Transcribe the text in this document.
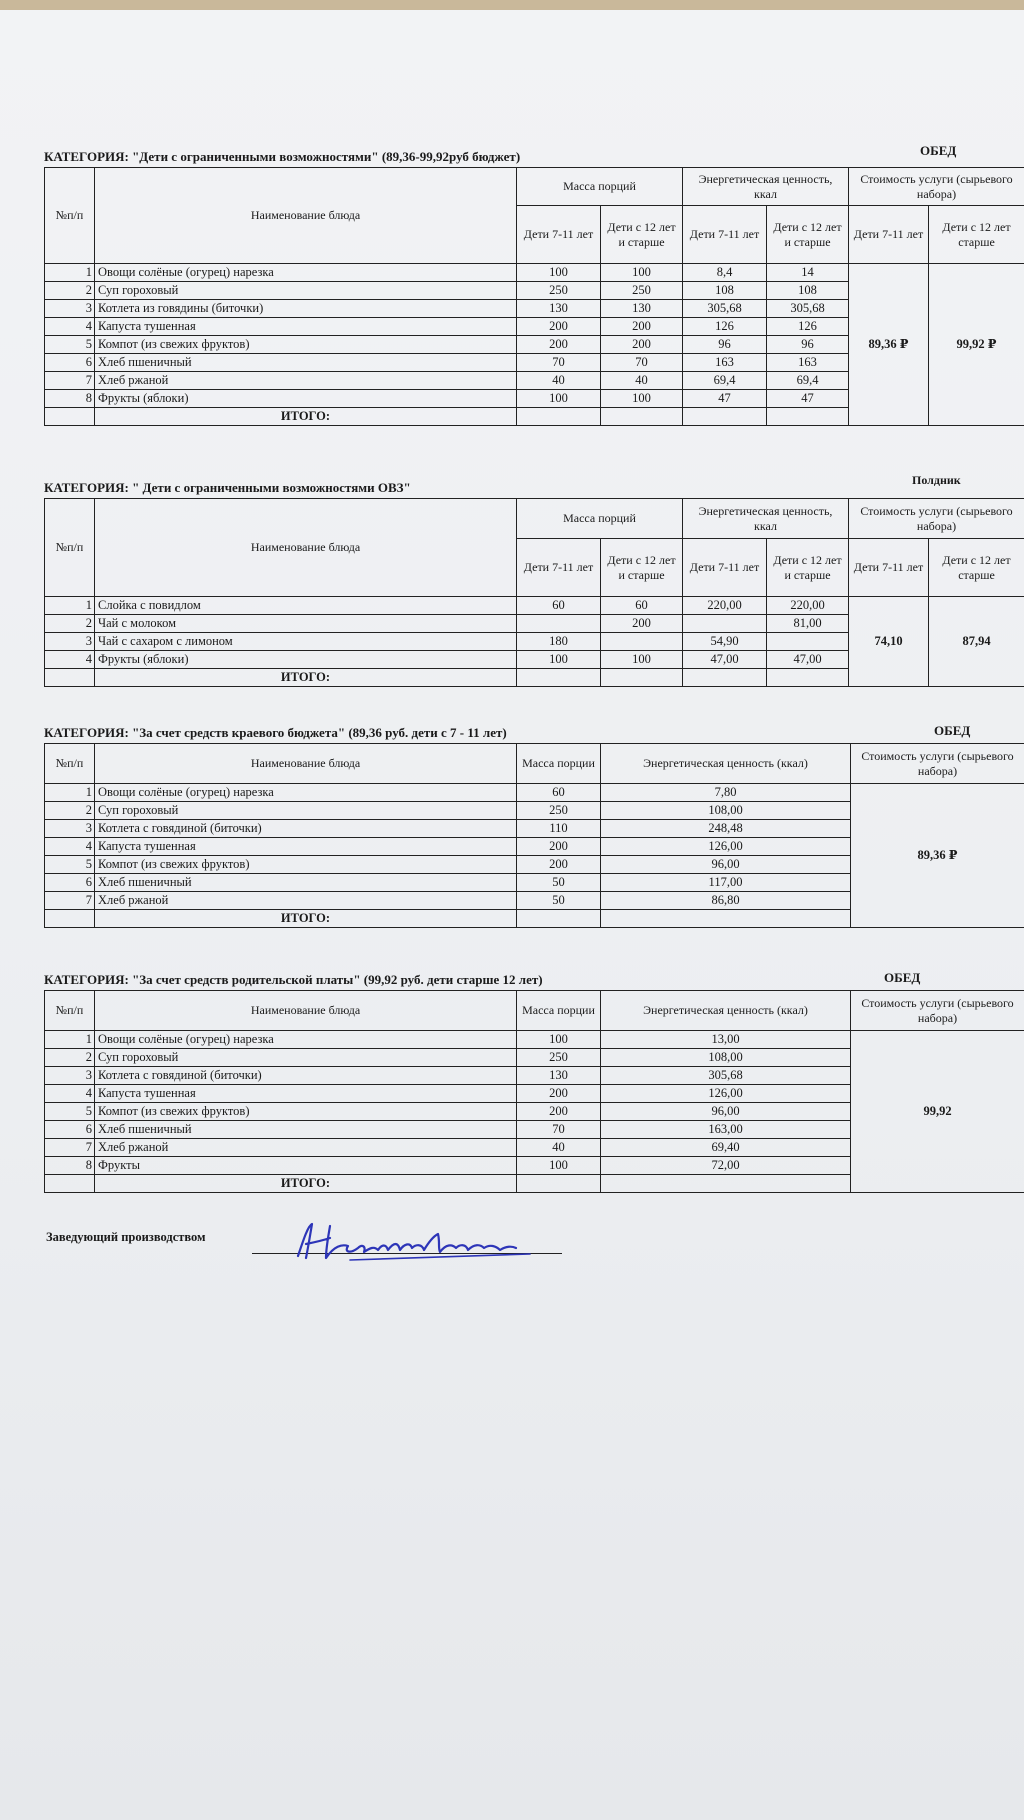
КАТЕГОРИЯ: "Дети с ограниченными возможностями" (89,36-99,92руб бюджет)	ОБЕД
№п/п	Наименование блюда	Масса порций		Энергетическая ценность, ккал		Стоимость услуги (сырьевого набора)	
		Дети 7-11 лет	Дети с 12 лет и старше	Дети 7-11 лет	Дети с 12 лет и старше	Дети 7-11 лет	Дети с 12 лет старше
1	Овощи солёные (огурец) нарезка	100	100	8,4	14	89,36 ₽	99,92 ₽
2	Суп гороховый	250	250	108	108		
3	Котлета из говядины (биточки)	130	130	305,68	305,68		
4	Капуста тушенная	200	200	126	126		
5	Компот (из свежих фруктов)	200	200	96	96		
6	Хлеб пшеничный	70	70	163	163		
7	Хлеб ржаной	40	40	69,4	69,4		
8	Фрукты (яблоки)	100	100	47	47		
	ИТОГО:						
КАТЕГОРИЯ: " Дети с ограниченными возможностями ОВЗ"	Полдник
№п/п	Наименование блюда	Масса порций		Энергетическая ценность, ккал		Стоимость услуги (сырьевого набора)	
		Дети 7-11 лет	Дети с 12 лет и старше	Дети 7-11 лет	Дети с 12 лет и старше	Дети 7-11 лет	Дети с 12 лет старше
1	Слойка с повидлом	60	60	220,00	220,00	74,10	87,94
2	Чай с молоком		200		81,00		
3	Чай с сахаром с лимоном	180		54,90			
4	Фрукты (яблоки)	100	100	47,00	47,00		
	ИТОГО:						
КАТЕГОРИЯ: "За счет средств краевого бюджета" (89,36 руб. дети с 7 - 11 лет)	ОБЕД
№п/п	Наименование блюда	Масса порции	Энергетическая ценность (ккал)	Стоимость услуги (сырьевого набора)
1	Овощи солёные (огурец) нарезка	60	7,80	89,36 ₽
2	Суп гороховый	250	108,00	
3	Котлета с говядиной (биточки)	110	248,48	
4	Капуста тушенная	200	126,00	
5	Компот (из свежих фруктов)	200	96,00	
6	Хлеб пшеничный	50	117,00	
7	Хлеб ржаной	50	86,80	
	ИТОГО:			
КАТЕГОРИЯ: "За счет средств родительской платы" (99,92 руб. дети старше 12 лет)	ОБЕД
№п/п	Наименование блюда	Масса порции	Энергетическая ценность (ккал)	Стоимость услуги (сырьевого набора)
1	Овощи солёные (огурец) нарезка	100	13,00	99,92
2	Суп гороховый	250	108,00	
3	Котлета с говядиной (биточки)	130	305,68	
4	Капуста тушенная	200	126,00	
5	Компот (из свежих фруктов)	200	96,00	
6	Хлеб пшеничный	70	163,00	
7	Хлеб ржаной	40	69,40	
8	Фрукты	100	72,00	
	ИТОГО:			
Заведующий производством
